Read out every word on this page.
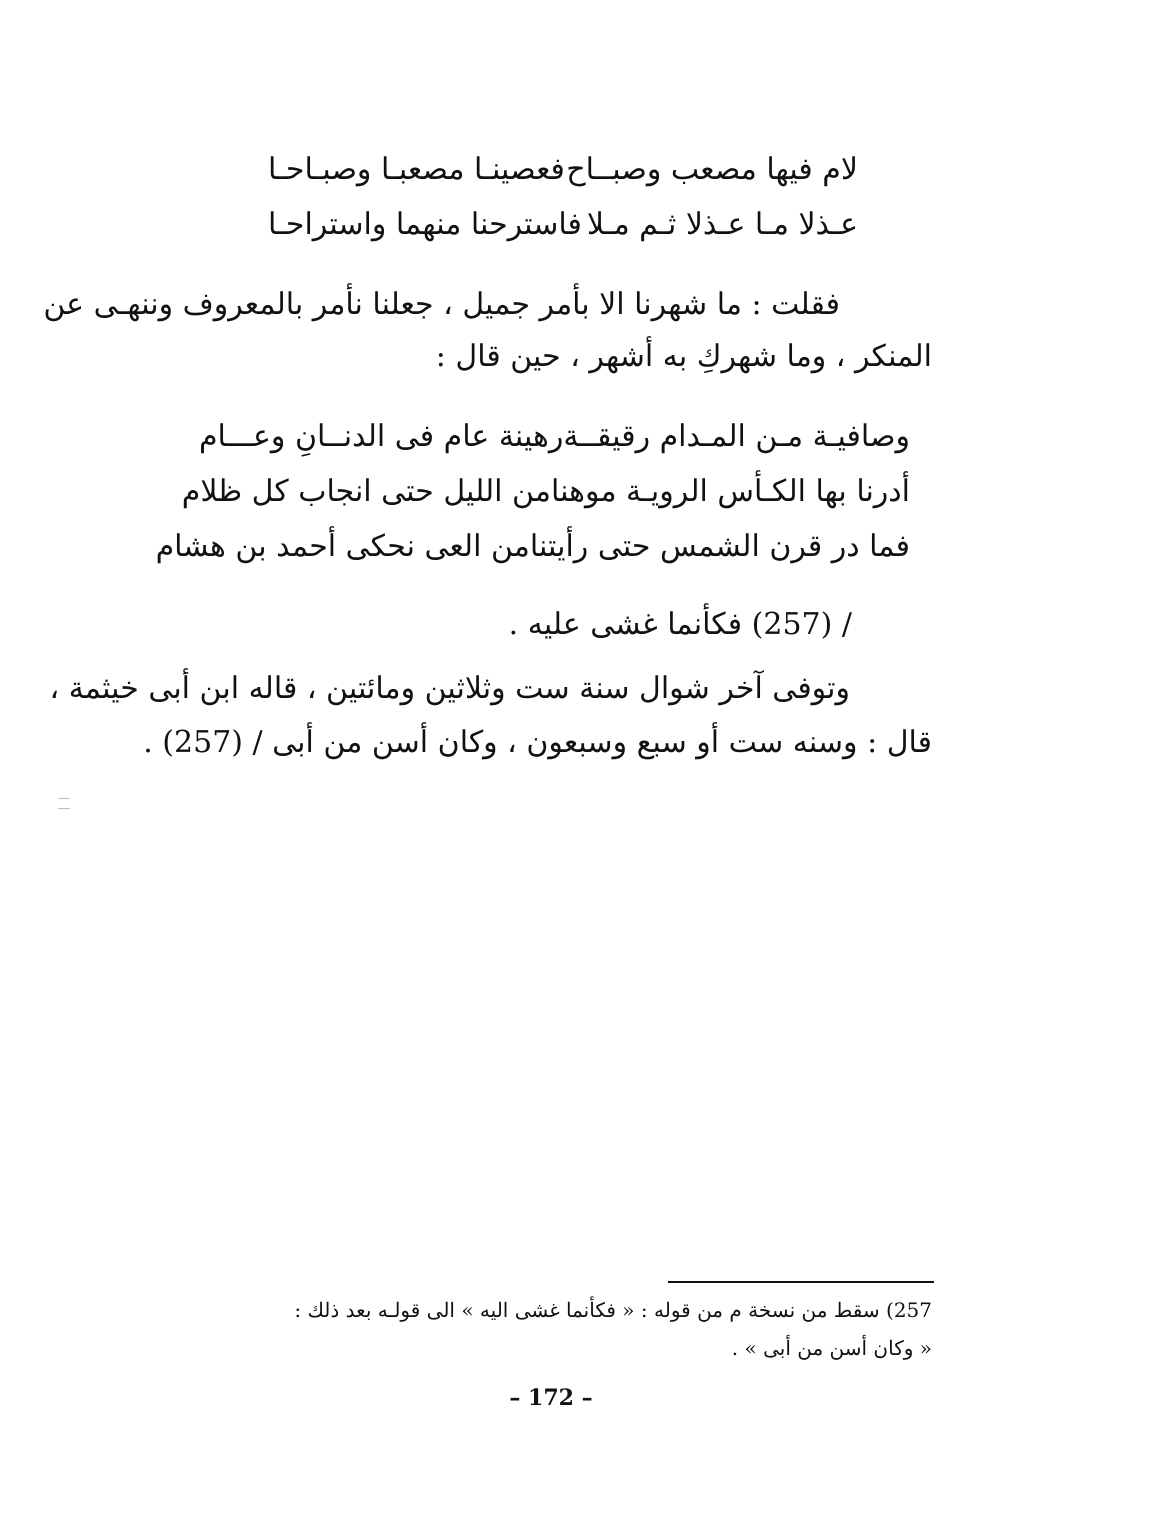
لام فيها مصعب وصبــاح
فعصينـا مصعبـا وصبـاحـا
عـذلا مـا عـذلا ثـم مـلا
فاسترحنا منهما واستراحـا
فقلت : ما شهرنا الا بأمر جميل ، جعلنا نأمر بالمعروف وننهـى عن
المنكر ، وما شهركِ به أشهر ، حين قال :
وصافيـة مـن المـدام رقيقــة
رهينة عام فى الدنــانِ وعـــام
أدرنا بها الكـأس الرويـة موهنا
من الليل حتى انجاب كل ظلام
فما در قرن الشمس حتى رأيتنا
من العى نحكى أحمد بن هشام
/ (257) فكأنما غشى عليه .
وتوفى آخر شوال سنة ست وثلاثين ومائتين ، قاله ابن أبى خيثمة ،
قال : وسنه ست أو سبع وسبعون ، وكان أسن من أبى / (257) .
257) سقط من نسخة م من قوله : « فكأنما غشى اليه » الى قولـه بعد ذلك :
« وكان أسن من أبى » .
– 172 –
